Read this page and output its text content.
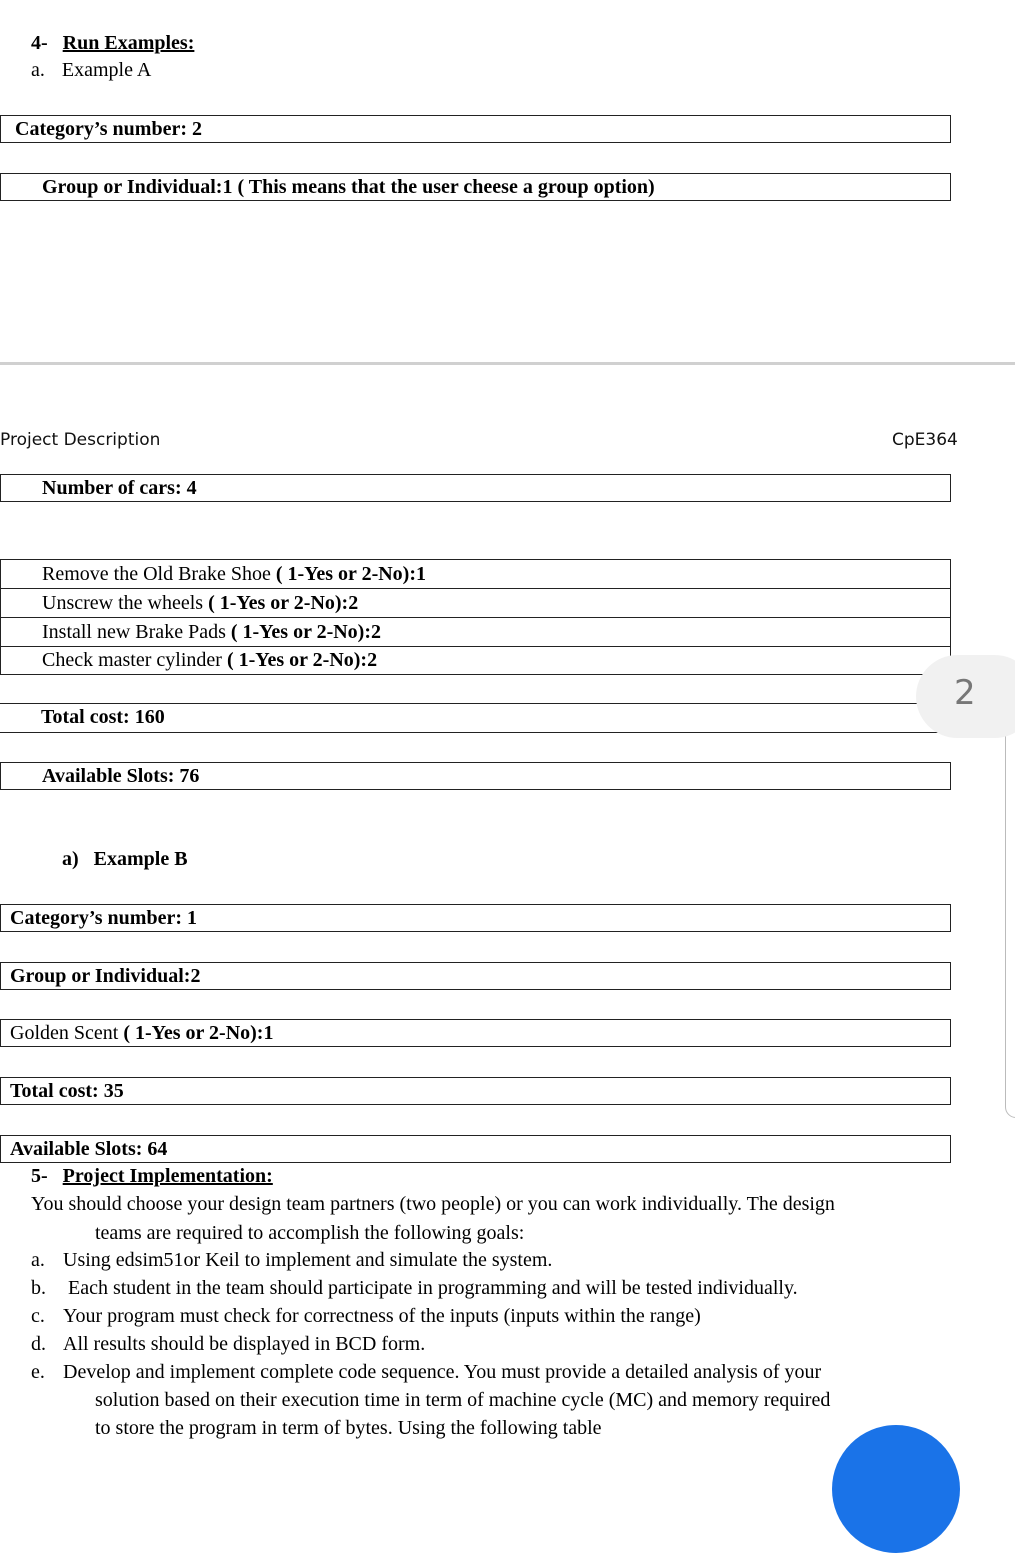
4- Run Examples:
a. Example A
Category’s number: 2
Group or Individual:1 ( This means that the user cheese a group option)
Project Description	CpE364
Number of cars: 4
Remove the Old Brake Shoe ( 1-Yes or 2-No):1
Unscrew the wheels ( 1-Yes or 2-No):2
Install new Brake Pads ( 1-Yes or 2-No):2
Check master cylinder ( 1-Yes or 2-No):2
Total cost: 160
Available Slots: 76
2
a) Example B
Category’s number: 1
Group or Individual:2
Golden Scent ( 1-Yes or 2-No):1
Total cost: 35
Available Slots: 64
5- Project Implementation:
You should choose your design team partners (two people) or you can work individually. The design
teams are required to accomplish the following goals:
a. Using edsim51or Keil to implement and simulate the system.
b. Each student in the team should participate in programming and will be tested individually.
c. Your program must check for correctness of the inputs (inputs within the range)
d. All results should be displayed in BCD form.
e. Develop and implement complete code sequence. You must provide a detailed analysis of your
solution based on their execution time in term of machine cycle (MC) and memory required
to store the program in term of bytes. Using the following table
